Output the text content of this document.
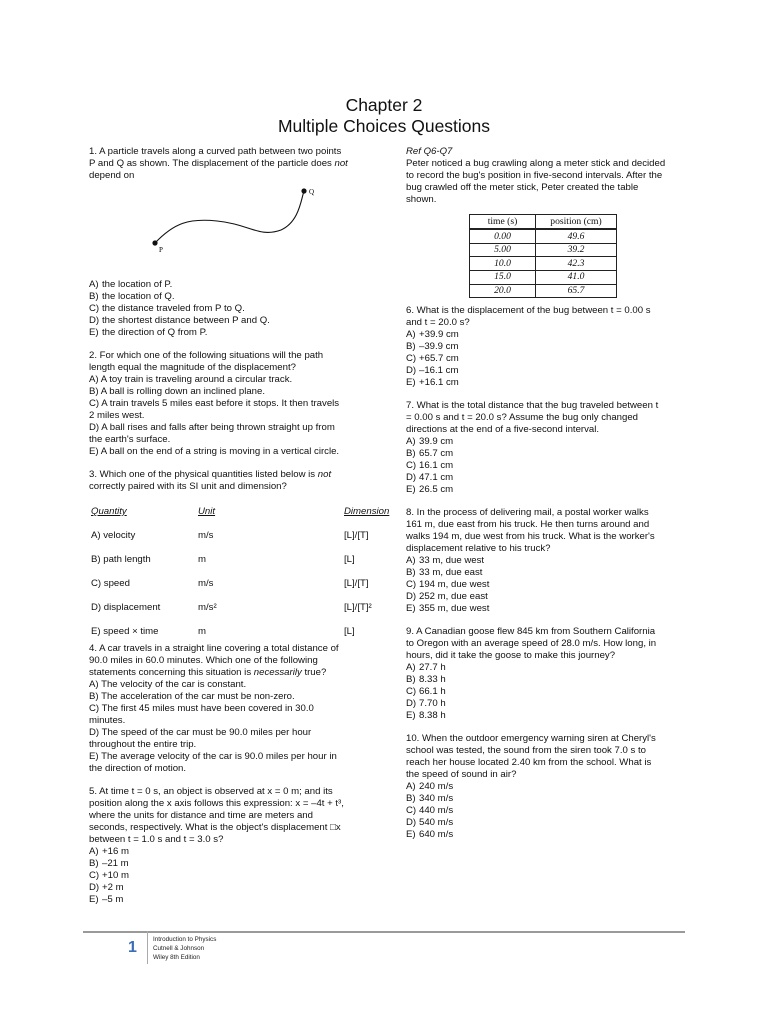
Chapter 2
Multiple Choices Questions

1. A particle travels along a curved path between two points

P and Q as shown. The displacement of the particle does not

depend on

Q
P

A) the location of P.

B) the location of Q.

C) the distance traveled from P to Q.

D) the shortest distance between P and Q.

E) the direction of Q from P.

2. For which one of the following situations will the path

length equal the magnitude of the displacement?

A) A toy train is traveling around a circular track.

B) A ball is rolling down an inclined plane.

C) A train travels 5 miles east before it stops. It then travels

2 miles west.

D) A ball rises and falls after being thrown straight up from

the earth's surface.

E) A ball on the end of a string is moving in a vertical circle.

3. Which one of the physical quantities listed below is not

correctly paired with its SI unit and dimension?

Quantity	Unit	Dimension
A) velocity	m/s	[L]/[T]
B) path length	m	[L]
C) speed	m/s	[L]/[T]
D) displacement	m/s²	[L]/[T]²
E) speed × time	m	[L]

4. A car travels in a straight line covering a total distance of

90.0 miles in 60.0 minutes. Which one of the following

statements concerning this situation is necessarily true?

A) The velocity of the car is constant.

B) The acceleration of the car must be non-zero.

C) The first 45 miles must have been covered in 30.0

minutes.

D) The speed of the car must be 90.0 miles per hour

throughout the entire trip.

E) The average velocity of the car is 90.0 miles per hour in

the direction of motion.

5. At time t = 0 s, an object is observed at x = 0 m; and its

position along the x axis follows this expression: x = –4t + t³,

where the units for distance and time are meters and

seconds, respectively. What is the object's displacement □x

between t = 1.0 s and t = 3.0 s?

A) +16 m

B) –21 m

C) +10 m

D) +2 m

E) –5 m

Ref Q6-Q7

Peter noticed a bug crawling along a meter stick and decided

to record the bug's position in five-second intervals. After the

bug crawled off the meter stick, Peter created the table

shown.

time (s)	position (cm)
0.00	49.6
5.00	39.2
10.0	42.3
15.0	41.0
20.0	65.7

6. What is the displacement of the bug between t = 0.00 s

and t = 20.0 s?

A) +39.9 cm

B) –39.9 cm

C) +65.7 cm

D) –16.1 cm

E) +16.1 cm

7. What is the total distance that the bug traveled between t

= 0.00 s and t = 20.0 s? Assume the bug only changed

directions at the end of a five-second interval.

A) 39.9 cm

B) 65.7 cm

C) 16.1 cm

D) 47.1 cm

E) 26.5 cm

8. In the process of delivering mail, a postal worker walks

161 m, due east from his truck. He then turns around and

walks 194 m, due west from his truck. What is the worker's

displacement relative to his truck?

A) 33 m, due west

B) 33 m, due east

C) 194 m, due west

D) 252 m, due east

E) 355 m, due west

9. A Canadian goose flew 845 km from Southern California

to Oregon with an average speed of 28.0 m/s. How long, in

hours, did it take the goose to make this journey?

A) 27.7 h

B) 8.33 h

C) 66.1 h

D) 7.70 h

E) 8.38 h

10. When the outdoor emergency warning siren at Cheryl's

school was tested, the sound from the siren took 7.0 s to

reach her house located 2.40 km from the school. What is

the speed of sound in air?

A) 240 m/s

B) 340 m/s

C) 440 m/s

D) 540 m/s

E) 640 m/s

1	Introduction to Physics
Cutnell & Johnson
Wiley 8th Edition
